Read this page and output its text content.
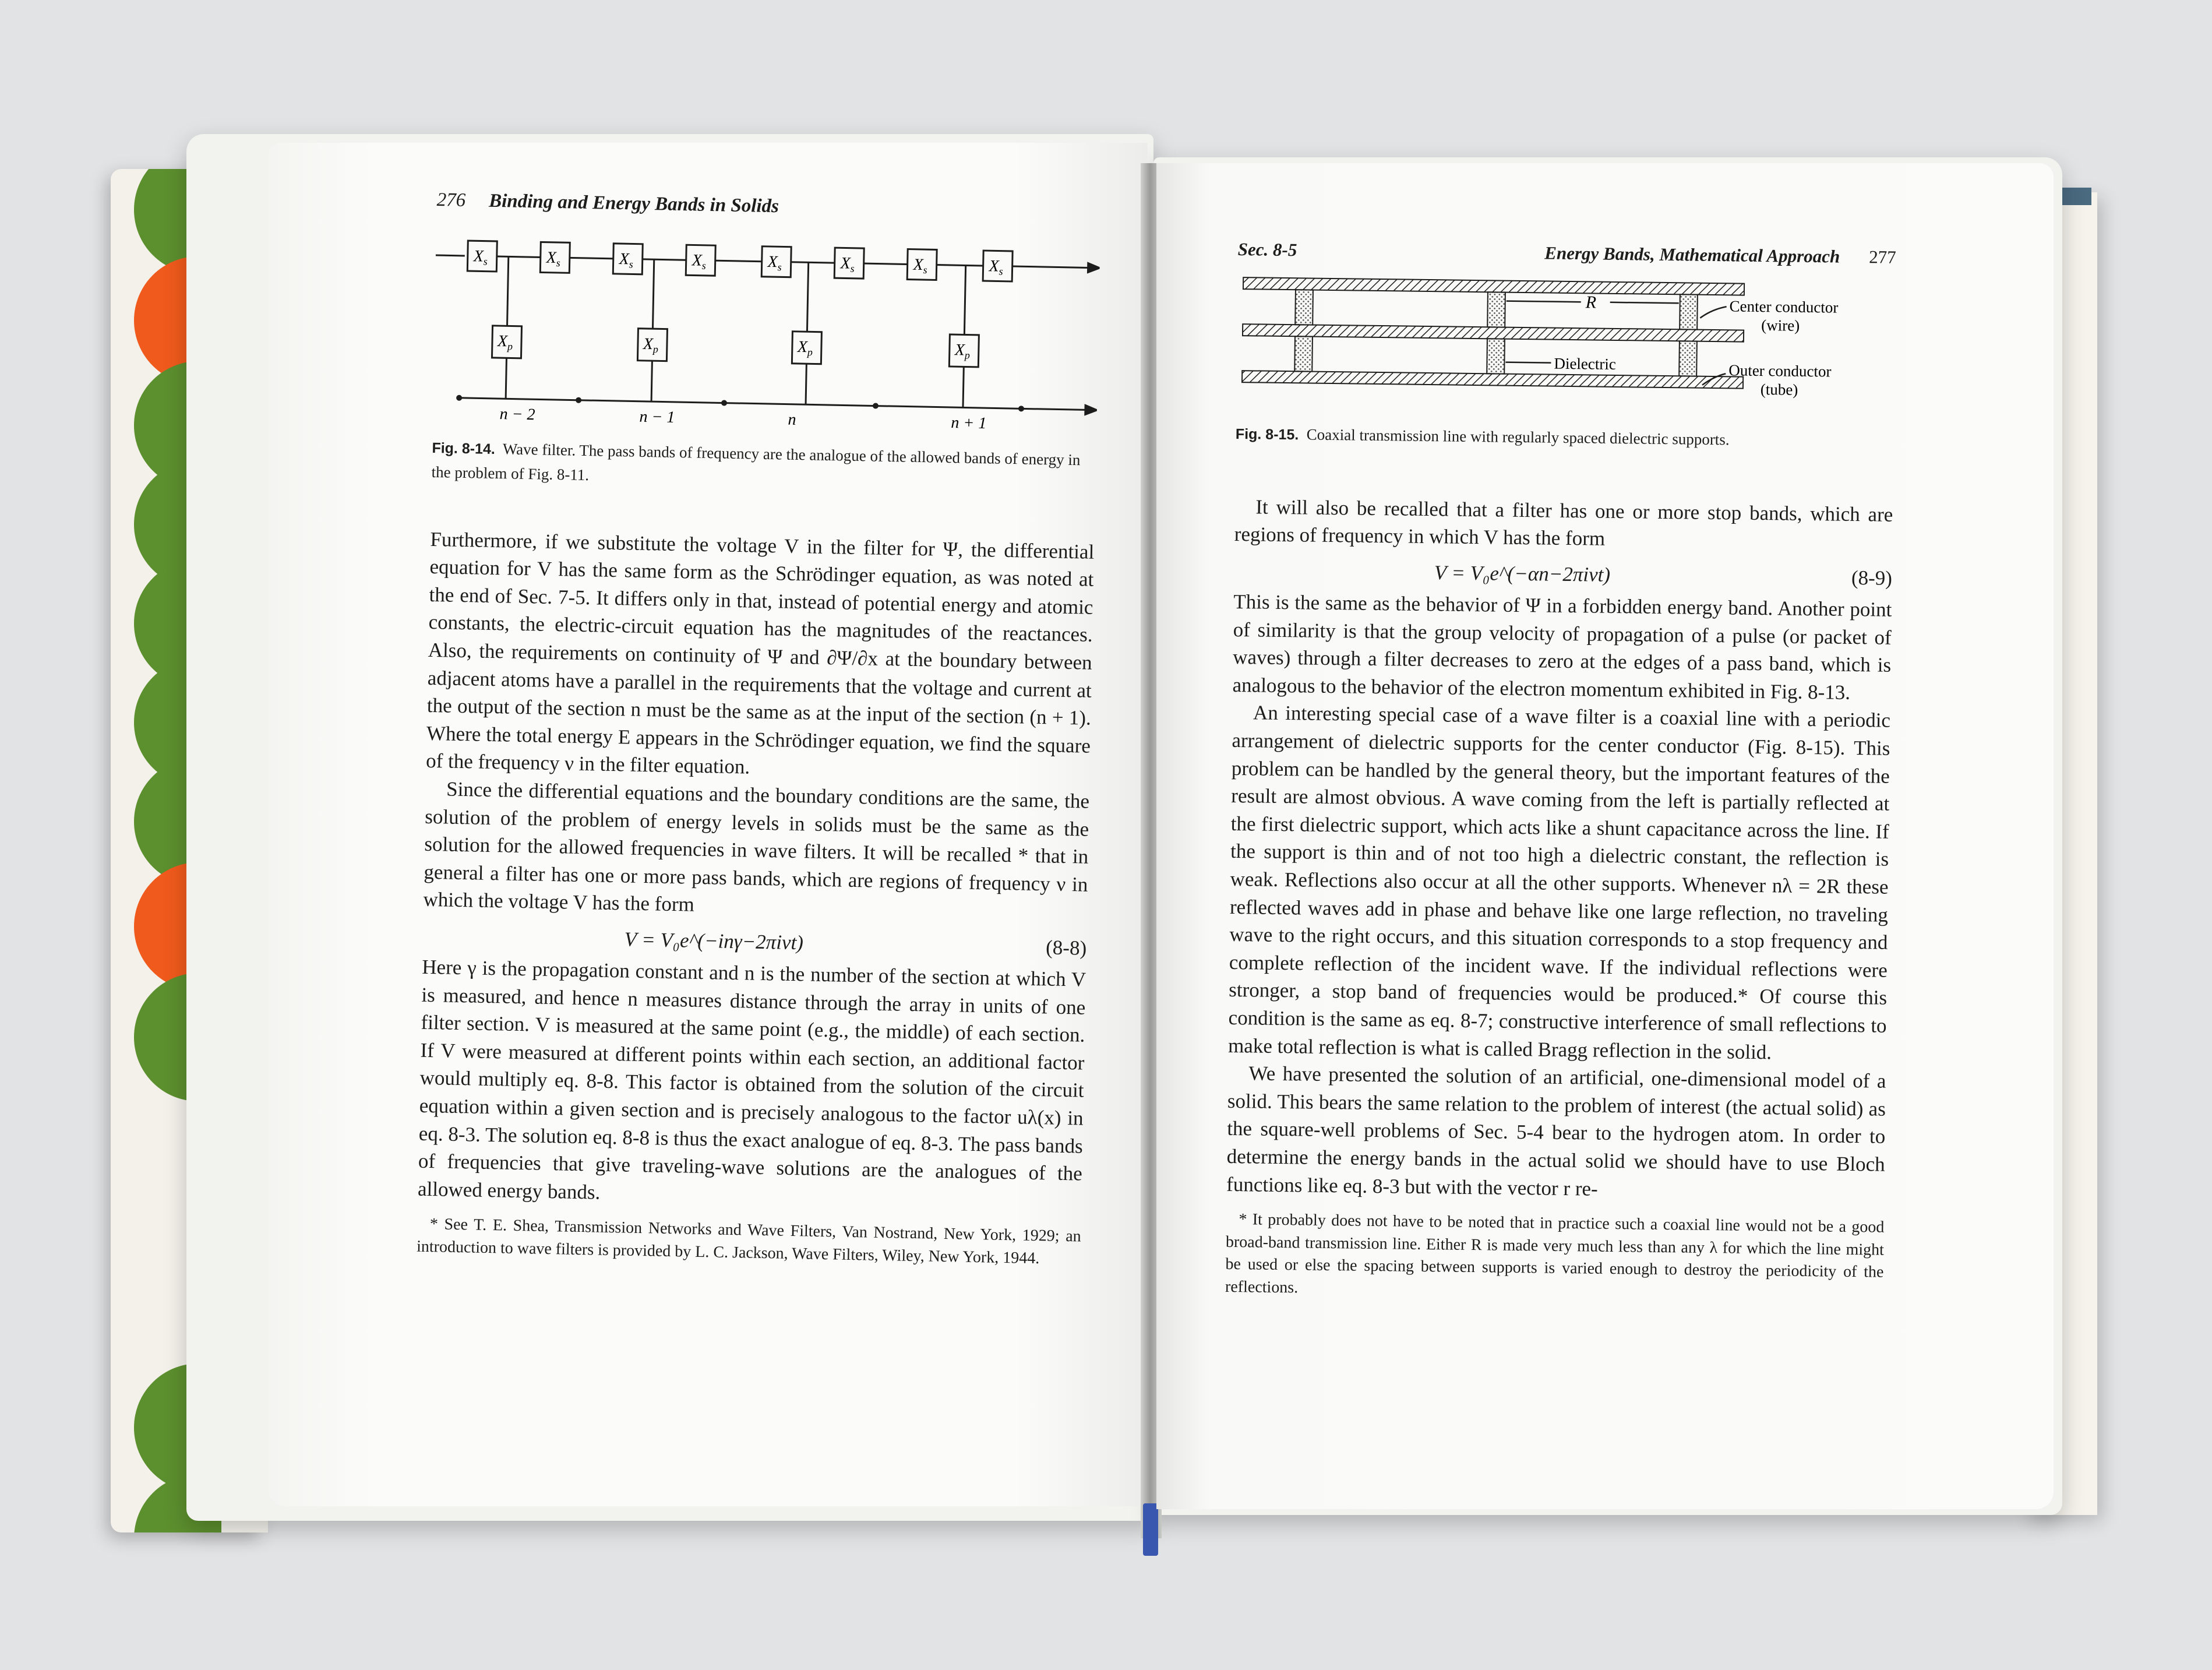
276 Binding and Energy Bands in Solids
$X_s$	$X_s$	$X_s$	$X_s$	$X_s$	$X_s$	$X_s$	$X_s$
$X_p$	$X_p$	$X_p$	$X_p$
n − 2	n − 1	n	n + 1
Fig. 8-14. Wave filter. The pass bands of frequency are the analogue of the allowed bands of energy in the problem of Fig. 8-11.

Furthermore, if we substitute the voltage V in the filter for Ψ, the differential equation for V has the same form as the Schrödinger equation, as was noted at the end of Sec. 7-5. It differs only in that, instead of potential energy and atomic constants, the electric-circuit equation has the magnitudes of the reactances. Also, the requirements on continuity of Ψ and ∂Ψ/∂x at the boundary between adjacent atoms have a parallel in the requirements that the voltage and current at the output of the section n must be the same as at the input of the section (n + 1). Where the total energy E appears in the Schrödinger equation, we find the square of the frequency ν in the filter equation.

Since the differential equations and the boundary conditions are the same, the solution of the problem of energy levels in solids must be the same as the solution for the allowed frequencies in wave filters. It will be recalled * that in general a filter has one or more pass bands, which are regions of frequency ν in which the voltage V has the form

V = V₀e^(−inγ−2πiνt)	(8-8)

Here γ is the propagation constant and n is the number of the section at which V is measured, and hence n measures distance through the array in units of one filter section. V is measured at the same point (e.g., the middle) of each section. If V were measured at different points within each section, an additional factor would multiply eq. 8-8. This factor is obtained from the solution of the circuit equation within a given section and is precisely analogous to the factor uλ(x) in eq. 8-3. The solution eq. 8-8 is thus the exact analogue of eq. 8-3. The pass bands of frequencies that give traveling-wave solutions are the analogues of the allowed energy bands.

* See T. E. Shea, Transmission Networks and Wave Filters, Van Nostrand, New York, 1929; an introduction to wave filters is provided by L. C. Jackson, Wave Filters, Wiley, New York, 1944.
Sec. 8-5	Energy Bands, Mathematical Approach 277
R
Dielectric
Center conductor
(wire)
Outer conductor
(tube)
Fig. 8-15. Coaxial transmission line with regularly spaced dielectric supports.

It will also be recalled that a filter has one or more stop bands, which are regions of frequency in which V has the form

V = V₀e^(−αn−2πiνt)	(8-9)

This is the same as the behavior of Ψ in a forbidden energy band. Another point of similarity is that the group velocity of propagation of a pulse (or packet of waves) through a filter decreases to zero at the edges of a pass band, which is analogous to the behavior of the electron momentum exhibited in Fig. 8-13.

An interesting special case of a wave filter is a coaxial line with a periodic arrangement of dielectric supports for the center conductor (Fig. 8-15). This problem can be handled by the general theory, but the important features of the result are almost obvious. A wave coming from the left is partially reflected at the first dielectric support, which acts like a shunt capacitance across the line. If the support is thin and of not too high a dielectric constant, the reflection is weak. Reflections also occur at all the other supports. Whenever nλ = 2R these reflected waves add in phase and behave like one large reflection, no traveling wave to the right occurs, and this situation corresponds to a stop frequency and complete reflection of the incident wave. If the individual reflections were stronger, a stop band of frequencies would be produced.* Of course this condition is the same as eq. 8-7; constructive interference of small reflections to make total reflection is what is called Bragg reflection in the solid.

We have presented the solution of an artificial, one-dimensional model of a solid. This bears the same relation to the problem of interest (the actual solid) as the square-well problems of Sec. 5-4 bear to the hydrogen atom. In order to determine the energy bands in the actual solid we should have to use Bloch functions like eq. 8-3 but with the vector r re-

* It probably does not have to be noted that in practice such a coaxial line would not be a good broad-band transmission line. Either R is made very much less than any λ for which the line might be used or else the spacing between supports is varied enough to destroy the periodicity of the reflections.
